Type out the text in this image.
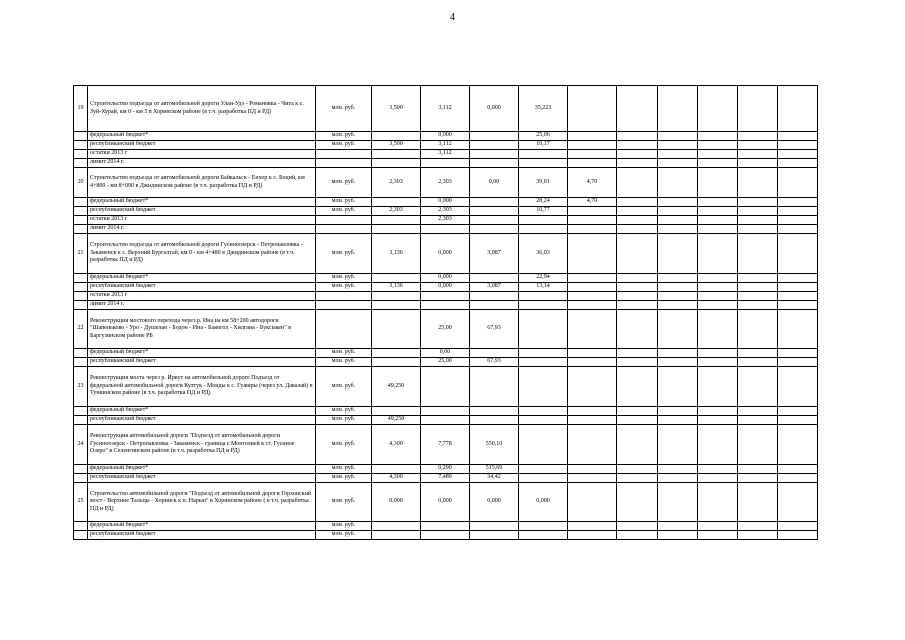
4
19	Строительство подъезда от автомобильной дороги Улан-Удэ - Романовка - Чита к с. Зуй-Хурай, км 0 - км 5 в Хоринском районе (в т.ч. разработка ПД и РД)	млн. руб.	3,500	3,112	0,000	35,223						
	федеральный бюджет*	млн. руб.		0,000		25,06						
	республиканский бюджет	млн. руб.	3,500	3,112		10,17						
	остатки 2013 г			3,112								
	лимит 2014 г.											
20	Строительство подъезда от автомобильной дороги Байкальск - Енхор к с. Боций, км 4+800 - км 8+090 в Джидинском районе (в т.ч. разработка ПД и РД)	млн. руб.	2,303	2,303	0,00	39,01	4,70					
	федеральный бюджет*	млн. руб.		0,000		28,24	4,70					
	республиканский бюджет	млн. руб.	2,303	2,303		10,77						
	остатки 2013 г			2,303								
	лимит 2014 г.											
21	Строительство подъезда от автомобильной дороги Гусиноозерск - Петропавловка - Закаменск к с. Верхний Бургалтай, км 0 - км 4+480 в Джидинском районе (в т.ч. разработка ПД и РД)	млн. руб.	3,136	0,000	3,087	36,03						
	федеральный бюджет*	млн. руб.		0,000		22,94						
	республиканский бюджет	млн. руб.	3,136	0,000	3,087	13,14						
	остатки 2013 г											
	лимит 2014 г.											
22	Реконструкция мостового перехода через р. Ина на км 58+200 автодороги "Шапеньково - Уро - Душелан - Бодон - Ина - Баянгол - Хилгана - Буксыкен" в Баргузинском районе РБ			25,00	67,93							
	федеральный бюджет*	млн. руб.		0,00								
	республиканский бюджет	млн. руб.		25,00	67,93							
23	Реконструкция моста через р. Иркут на автомобильной дороге Подъезд от федеральной автомобильной дороги Култук - Монды к с. Гужиры (через ул. Давалай) в Тункинском районе (в т.ч. разработка ПД и РД)	млн. руб.	49,250									
	федеральный бюджет*	млн. руб.										
	республиканский бюджет	млн. руб.	49,250									
24	Реконструкция автомобильной дороги "Подъезд от автомобильной дороги Гусиноозерск - Петропавловка - Закаменск - граница с Монголией к ст. Гусиное Озеро" в Селенгинском районе (в т.ч. разработка ПД и РД)	млн. руб.	4,300	7,778	550,10							
	федеральный бюджет*	млн. руб.		0,290	515,69							
	республиканский бюджет	млн. руб.	4,300	7,489	34,42							
25	Строительство автомобильной дороги "Подъезд от автомобильной дороги Горхонский мост - Верхние Тальцы - Хоринск к п. Нарын" в Хоринском районе ( в т.ч. разработка ПД и РД)	млн. руб.	0,000	0,000	0,000	0,000						
	федеральный бюджет*	млн. руб.										
	республиканский бюджет	млн. руб.										
